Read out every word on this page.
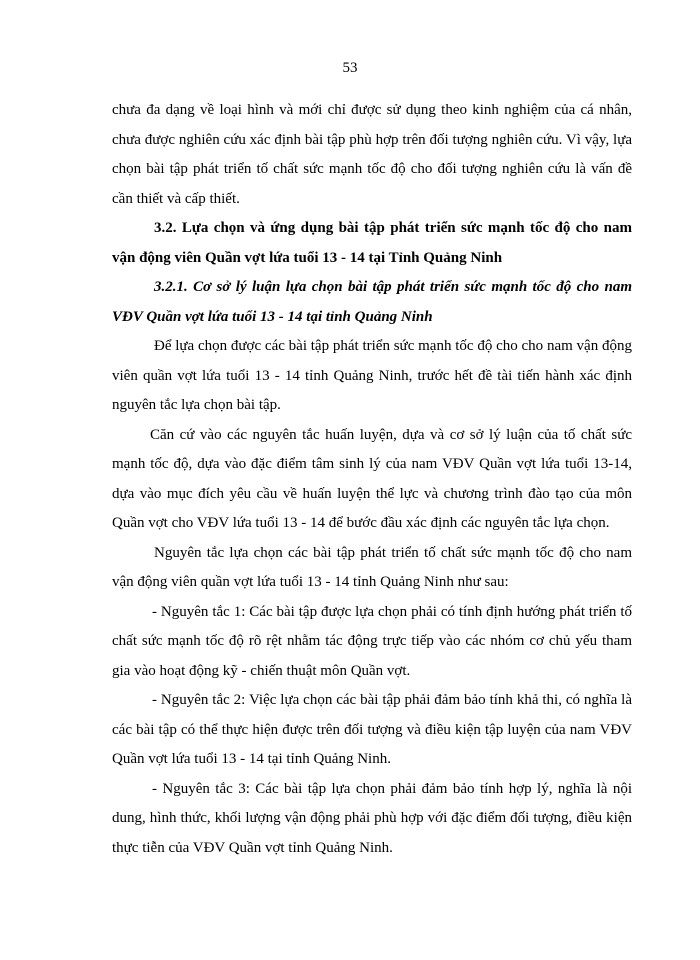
53

chưa đa dạng về loại hình và mới chỉ được sử dụng theo kinh nghiệm của cá nhân, chưa được nghiên cứu xác định bài tập phù hợp trên đối tượng nghiên cứu. Vì vậy, lựa chọn bài tập phát triển tố chất sức mạnh tốc độ cho đối tượng nghiên cứu là vấn đề cần thiết và cấp thiết.

3.2. Lựa chọn và ứng dụng bài tập phát triển sức mạnh tốc độ cho nam vận động viên Quần vợt lứa tuổi 13 - 14 tại Tỉnh Quảng Ninh

3.2.1. Cơ sở lý luận lựa chọn bài tập phát triển sức mạnh tốc độ cho nam VĐV Quần vợt lứa tuổi 13 - 14 tại tỉnh Quảng Ninh

Để lựa chọn được các bài tập phát triển sức mạnh tốc độ cho cho nam vận động viên quần vợt lứa tuổi 13 - 14 tỉnh Quảng Ninh, trước hết đề tài tiến hành xác định nguyên tắc lựa chọn bài tập.

Căn cứ vào các nguyên tắc huấn luyện, dựa và cơ sở lý luận của tố chất sức mạnh tốc độ, dựa vào đặc điểm tâm sinh lý của nam VĐV Quần vợt lứa tuổi 13-14, dựa vào mục đích yêu cầu về huấn luyện thể lực và chương trình đào tạo của môn Quần vợt cho VĐV lứa tuổi 13 - 14 để bước đầu xác định các nguyên tắc lựa chọn.

Nguyên tắc lựa chọn các bài tập phát triển tố chất sức mạnh tốc độ cho nam vận động viên quần vợt lứa tuổi 13 - 14 tỉnh Quảng Ninh như sau:

- Nguyên tắc 1: Các bài tập được lựa chọn phải có tính định hướng phát triển tố chất sức mạnh tốc độ rõ rệt nhằm tác động trực tiếp vào các nhóm cơ chủ yếu tham gia vào hoạt động kỹ - chiến thuật môn Quần vợt.

- Nguyên tắc 2: Việc lựa chọn các bài tập phải đảm bảo tính khả thi, có nghĩa là các bài tập có thể thực hiện được trên đối tượng và điều kiện tập luyện của nam VĐV Quần vợt lứa tuổi 13 - 14 tại tỉnh Quảng Ninh.

- Nguyên tắc 3: Các bài tập lựa chọn phải đảm bảo tính hợp lý, nghĩa là nội dung, hình thức, khối lượng vận động phải phù hợp với đặc điểm đối tượng, điều kiện thực tiễn của VĐV Quần vợt tỉnh Quảng Ninh.
